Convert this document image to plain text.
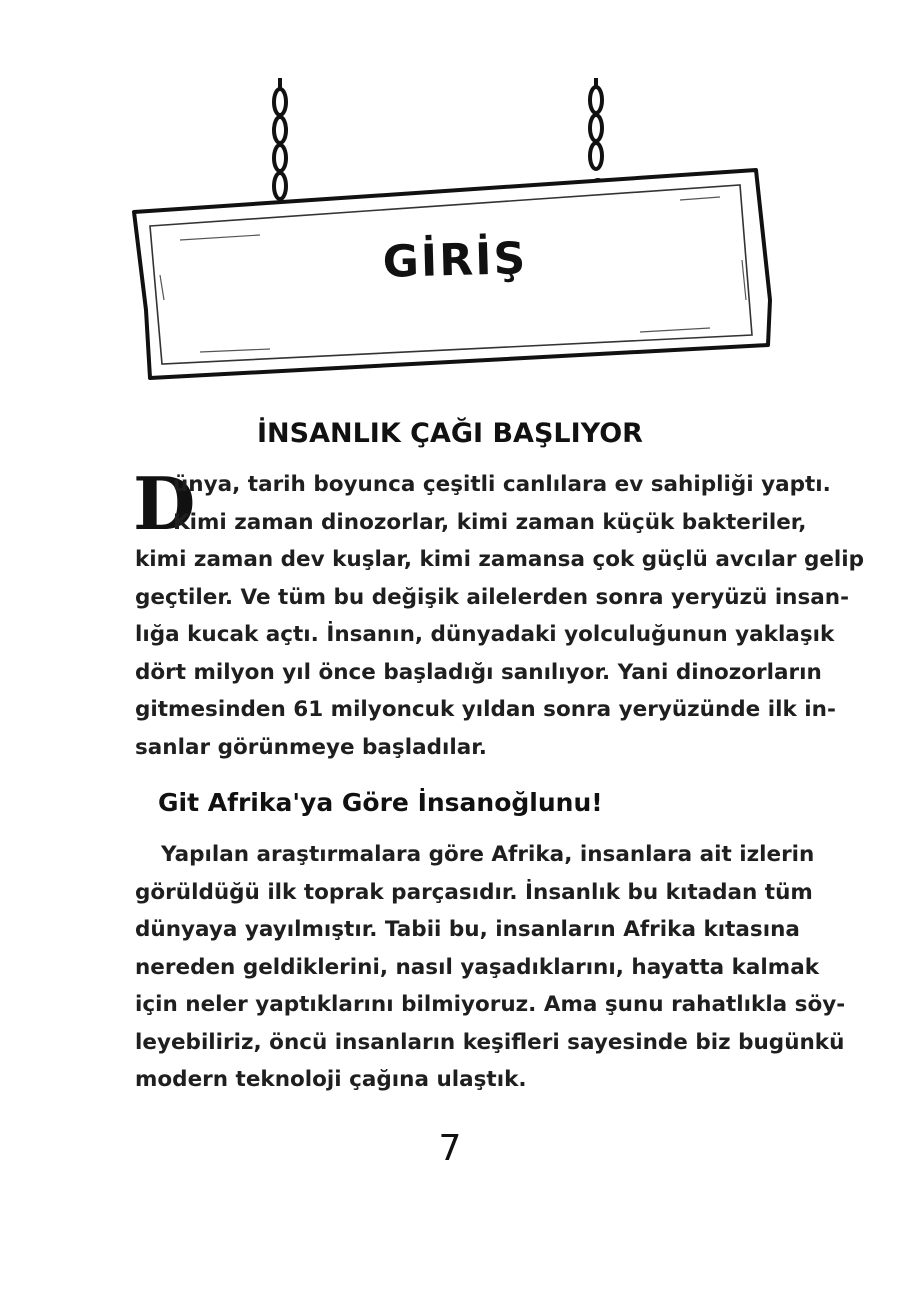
GİRİŞ
İNSANLIK ÇAĞI BAŞLIYOR
D
ünya, tarih boyunca çeşitli canlılara ev sahipliği yaptı.
Kimi zaman dinozorlar, kimi zaman küçük bakteriler,
kimi zaman dev kuşlar, kimi zamansa çok güçlü avcılar gelip
geçtiler. Ve tüm bu değişik ailelerden sonra yeryüzü insan-
lığa kucak açtı. İnsanın, dünyadaki yolculuğunun yaklaşık
dört milyon yıl önce başladığı sanılıyor. Yani dinozorların
gitmesinden 61 milyoncuk yıldan sonra yeryüzünde ilk in-
sanlar görünmeye başladılar.
Git Afrika'ya Göre İnsanoğlunu!
Yapılan araştırmalara göre Afrika, insanlara ait izlerin
görüldüğü ilk toprak parçasıdır. İnsanlık bu kıtadan tüm
dünyaya yayılmıştır. Tabii bu, insanların Afrika kıtasına
nereden geldiklerini, nasıl yaşadıklarını, hayatta kalmak
için neler yaptıklarını bilmiyoruz. Ama şunu rahatlıkla söy-
leyebiliriz, öncü insanların keşifleri sayesinde biz bugünkü
modern teknoloji çağına ulaştık.
7
